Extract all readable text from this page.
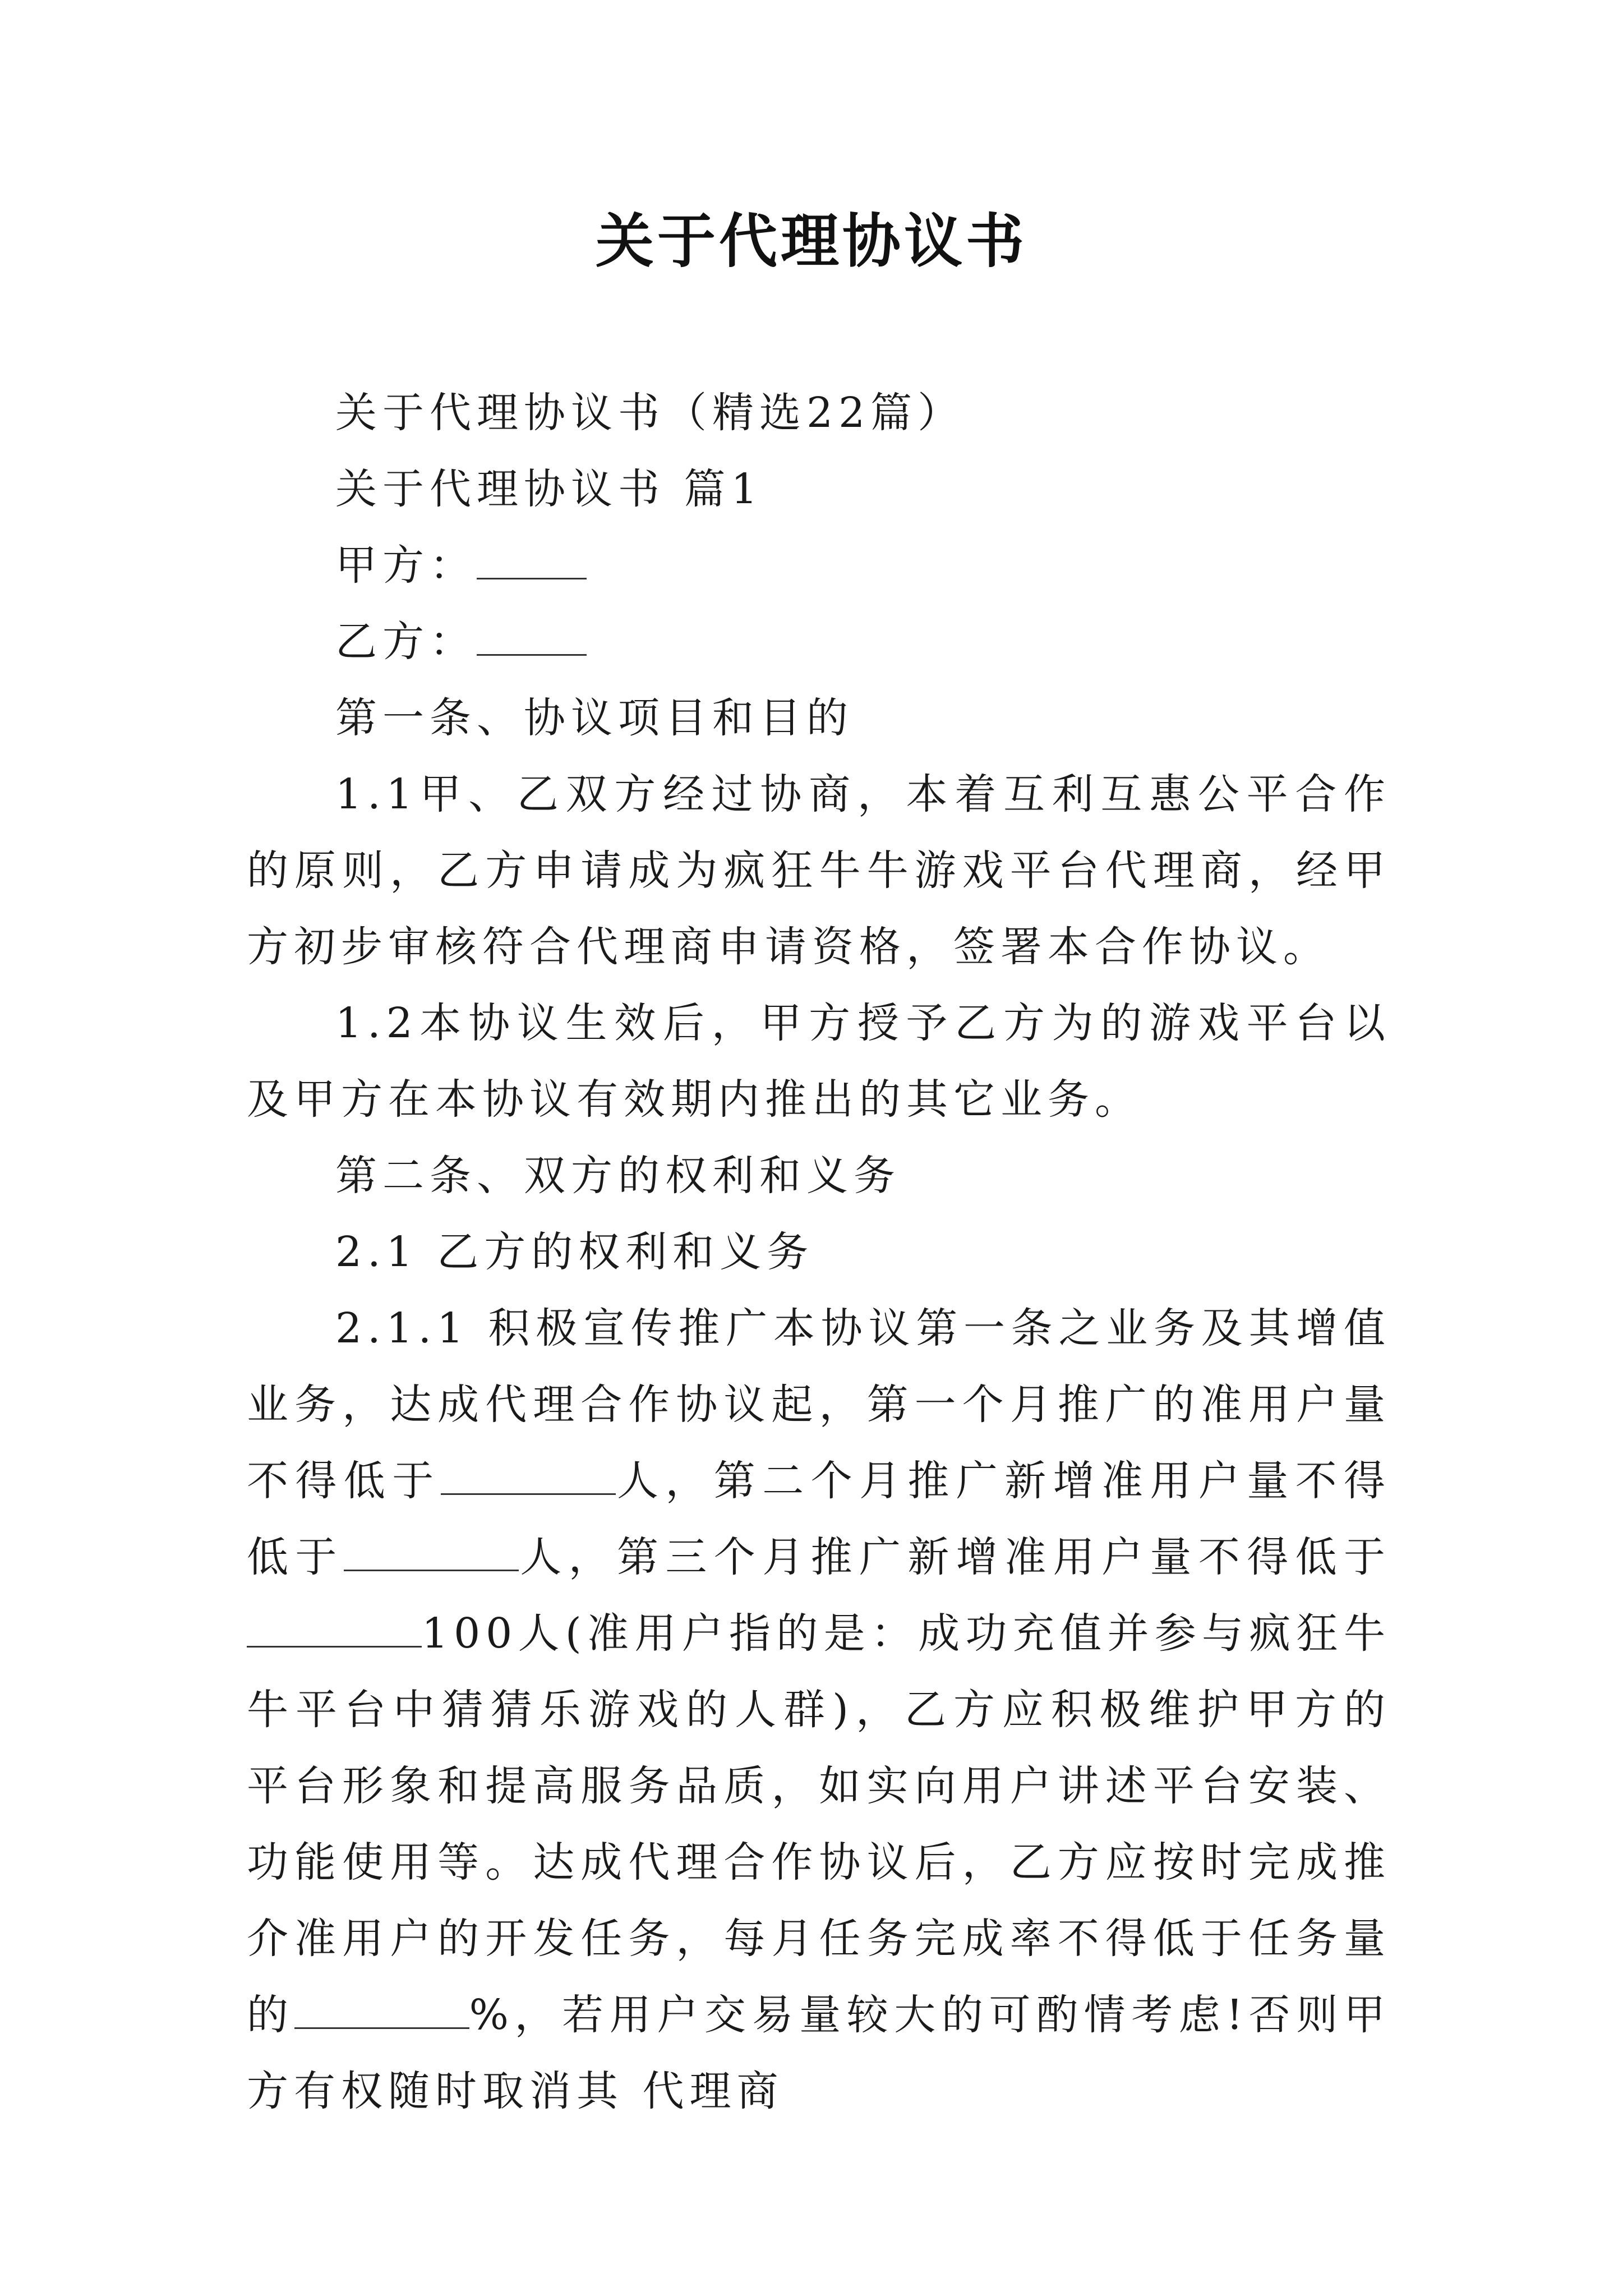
关于代理协议书

关于代理协议书（精选22篇）

关于代理协议书 篇1

甲方：

乙方：

第一条、协议项目和目的

1.1甲、乙双方经过协商，本着互利互惠公平合作的原则，乙方申请成为疯狂牛牛游戏平台代理商，经甲方初步审核符合代理商申请资格，签署本合作协议。

1.2本协议生效后，甲方授予乙方为的游戏平台以及甲方在本协议有效期内推出的其它业务。

第二条、双方的权利和义务

2.1 乙方的权利和义务

2.1.1 积极宣传推广本协议第一条之业务及其增值业务，达成代理合作协议起，第一个月推广的准用户量不得低于	人，第二个月推广新增准用户量不得低于	人，第三个月推广新增准用户量不得低于100人(准用户指的是：成功充值并参与疯狂牛牛平台中猜猜乐游戏的人群)，乙方应积极维护甲方的平台形象和提高服务品质，如实向用户讲述平台安装、功能使用等。达成代理合作协议后，乙方应按时完成推介准用户的开发任务，每月任务完成率不得低于任务量的	%，若用户交易量较大的可酌情考虑!否则甲方有权随时取消其 代理商
